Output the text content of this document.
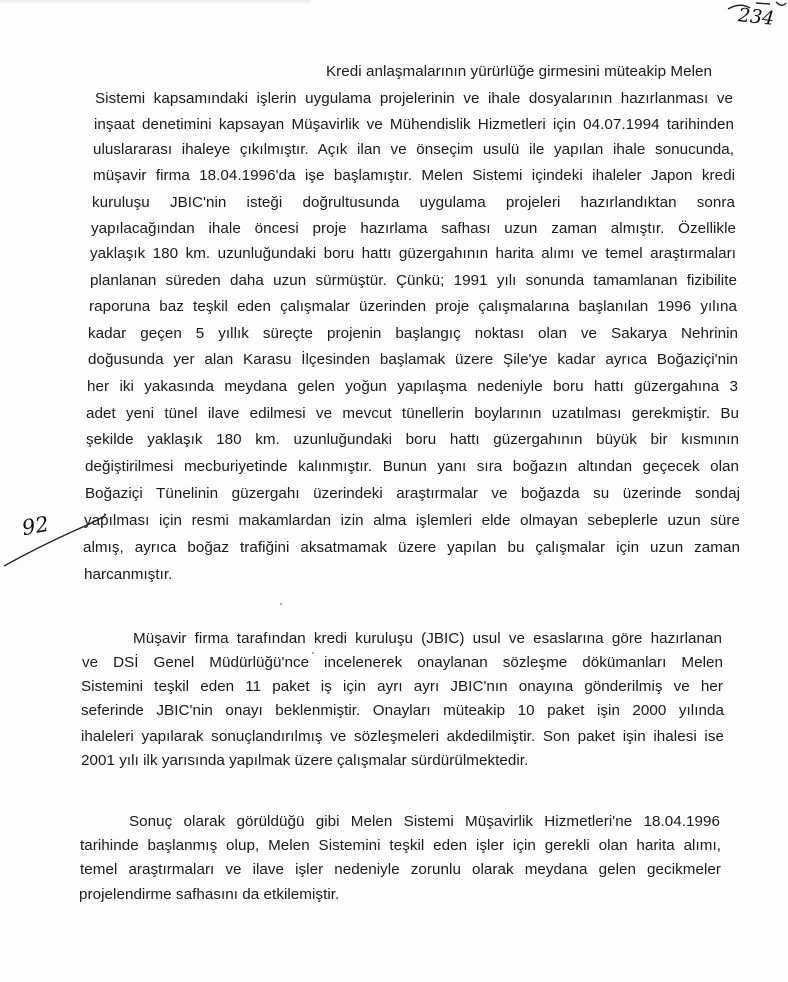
234
92
Kredi anlaşmalarının yürürlüğe girmesini müteakip Melen
Sistemi kapsamındaki işlerin uygulama projelerinin ve ihale dosyalarının hazırlanması ve
inşaat denetimini kapsayan Müşavirlik ve Mühendislik Hizmetleri için 04.07.1994 tarihinden
uluslararası ihaleye çıkılmıştır. Açık ilan ve önseçim usulü ile yapılan ihale sonucunda,
müşavir firma 18.04.1996'da işe başlamıştır. Melen Sistemi içindeki ihaleler Japon kredi
kuruluşu JBIC'nin isteği doğrultusunda uygulama projeleri hazırlandıktan sonra
yapılacağından ihale öncesi proje hazırlama safhası uzun zaman almıştır. Özellikle
yaklaşık 180 km. uzunluğundaki boru hattı güzergahının harita alımı ve temel araştırmaları
planlanan süreden daha uzun sürmüştür. Çünkü; 1991 yılı sonunda tamamlanan fizibilite
raporuna baz teşkil eden çalışmalar üzerinden proje çalışmalarına başlanılan 1996 yılına
kadar geçen 5 yıllık süreçte projenin başlangıç noktası olan ve Sakarya Nehrinin
doğusunda yer alan Karasu İlçesinden başlamak üzere Şile'ye kadar ayrıca Boğaziçi'nin
her iki yakasında meydana gelen yoğun yapılaşma nedeniyle boru hattı güzergahına 3
adet yeni tünel ilave edilmesi ve mevcut tünellerin boylarının uzatılması gerekmiştir. Bu
şekilde yaklaşık 180 km. uzunluğundaki boru hattı güzergahının büyük bir kısmının
değiştirilmesi mecburiyetinde kalınmıştır. Bunun yanı sıra boğazın altından geçecek olan
Boğaziçi Tünelinin güzergahı üzerindeki araştırmalar ve boğazda su üzerinde sondaj
yapılması için resmi makamlardan izin alma işlemleri elde olmayan sebeplerle uzun süre
almış, ayrıca boğaz trafiğini aksatmamak üzere yapılan bu çalışmalar için uzun zaman
harcanmıştır.
Müşavir firma tarafından kredi kuruluşu (JBIC) usul ve esaslarına göre hazırlanan
ve DSİ Genel Müdürlüğü'nce incelenerek onaylanan sözleşme dökümanları Melen
Sistemini teşkil eden 11 paket iş için ayrı ayrı JBIC'nın onayına gönderilmiş ve her
seferinde JBIC'nin onayı beklenmiştir. Onayları müteakip 10 paket işin 2000 yılında
ihaleleri yapılarak sonuçlandırılmış ve sözleşmeleri akdedilmiştir. Son paket işin ihalesi ise
2001 yılı ilk yarısında yapılmak üzere çalışmalar sürdürülmektedir.
Sonuç olarak görüldüğü gibi Melen Sistemi Müşavirlik Hizmetleri'ne 18.04.1996
tarihinde başlanmış olup, Melen Sistemini teşkil eden işler için gerekli olan harita alımı,
temel araştırmaları ve ilave işler nedeniyle zorunlu olarak meydana gelen gecikmeler
projelendirme safhasını da etkilemiştir.
